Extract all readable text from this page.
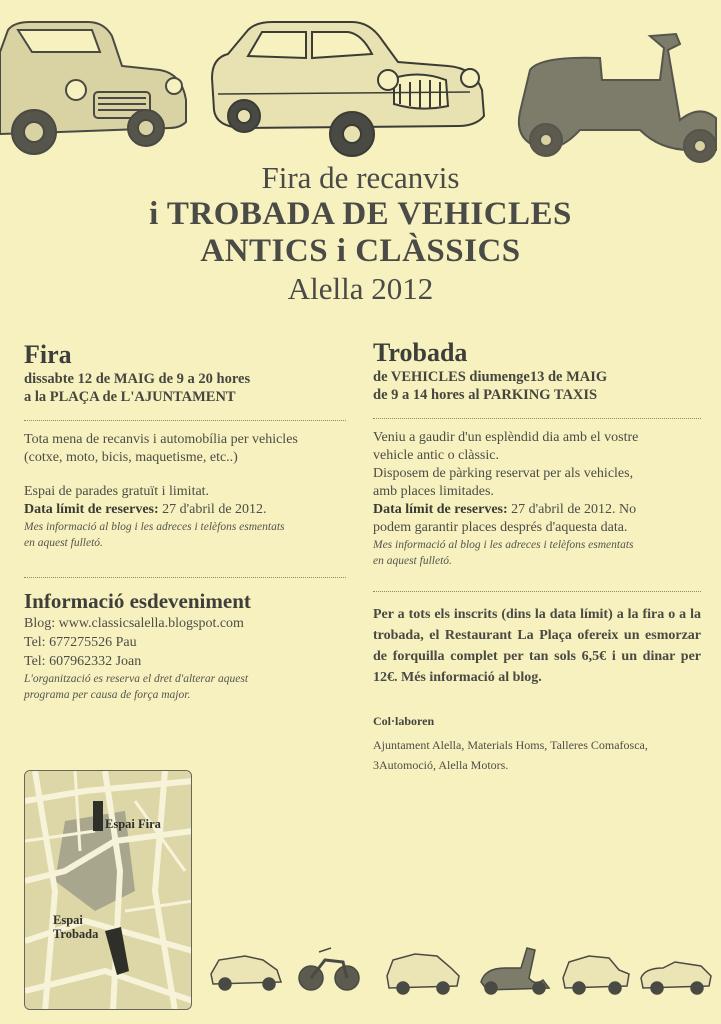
Fira de recanvis
i TROBADA DE VEHICLES
ANTICS i CLÀSSICS
Alella 2012
Fira
dissabte 12 de MAIG de 9 a 20 hores
a la PLAÇA de L'AJUNTAMENT
Tota mena de recanvis i automobília per vehicles
(cotxe, moto, bicis, maquetisme, etc..)
Espai de parades gratuït i limitat.
Data límit de reserves: 27 d'abril de 2012.
Mes informació al blog i les adreces i telèfons esmentats
en aquest fulletó.
Informació esdeveniment
Blog: www.classicsalella.blogspot.com
Tel: 677275526 Pau
Tel: 607962332 Joan
L'organització es reserva el dret d'alterar aquest
programa per causa de força major.
Trobada
de VEHICLES diumenge13 de MAIG
de 9 a 14 hores al PARKING TAXIS
Veniu a gaudir d'un esplèndid dia amb el vostre
vehicle antic o clàssic.
Disposem de pàrking reservat per als vehicles,
amb places limitades.
Data límit de reserves: 27 d'abril de 2012. No
podem garantir places després d'aquesta data.
Mes informació al blog i les adreces i telèfons esmentats
en aquest fulletó.
Per a tots els inscrits (dins la data límit) a la fira o a la trobada, el Restaurant La Plaça ofereix un esmorzar de forquilla complet per tan sols 6,5€ i un dinar per 12€. Més informació al blog.
Col·laboren
Ajuntament Alella, Materials Homs, Talleres Comafosca,
3Automoció, Alella Motors.
Espai Fira
Espai
Trobada
